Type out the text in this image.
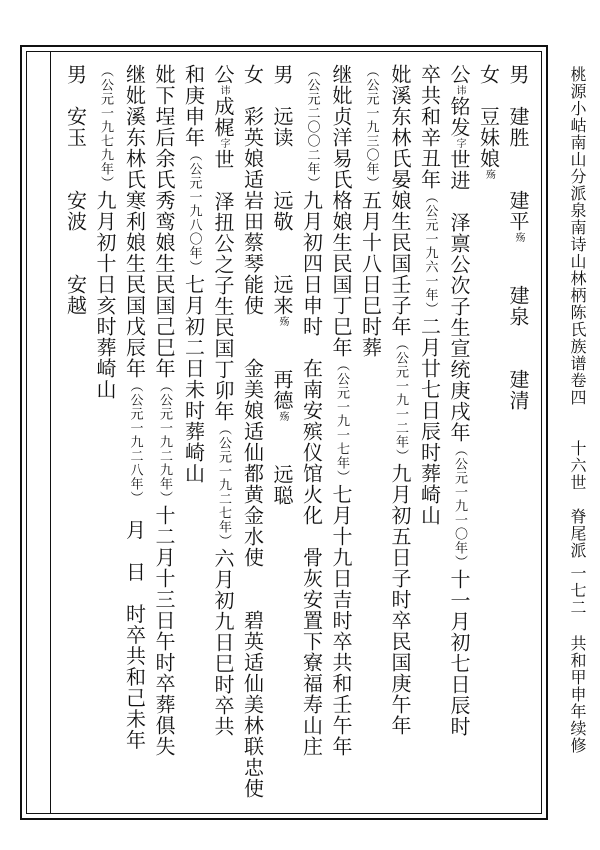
桃源小岵南山分派泉南诗山林柄陈氏族谱
卷四
十六世　脊尾派
一七二
共和甲申年续修
男　建胜　　建平殇　　建泉　　建清
女　豆妹娘殇
公讳铭发字世进　泽禀公次子生宣统庚戌年（公元一九一〇年）十一月初七日辰时
卒共和辛丑年（公元一九六一年）二月廿七日辰时葬崎山
妣溪东林氏晏娘生民国壬子年（公元一九一二年）九月初五日子时卒民国庚午年
（公元一九三〇年）五月十八日巳时葬
继妣贞洋易氏格娘生民国丁巳年（公元一九一七年）七月十九日吉时卒共和壬午年
（公元二〇〇二年）九月初四日申时　在南安殡仪馆火化　骨灰安置下寮福寿山庄
男　远读　　远敬　　远来殇　　再德殇　　远聪
女　彩英娘适岩田蔡琴能使　　金美娘适仙都黄金水使　　碧英适仙美林联忠使
公讳成梶字世　泽扭公之子生民国丁卯年（公元一九二七年）六月初九日巳时卒共
和庚申年（公元一九八〇年）七月初二日未时葬崎山
妣下埕后余氏秀鸾娘生民国己巳年（公元一九二九年）十二月十三日午时卒葬俱失
继妣溪东林氏寒利娘生民国戊辰年（公元一九二八年）　月　日　时卒共和己未年
（公元一九七九年）九月初十日亥时葬崎山
男　安玉　　安波　　安越
